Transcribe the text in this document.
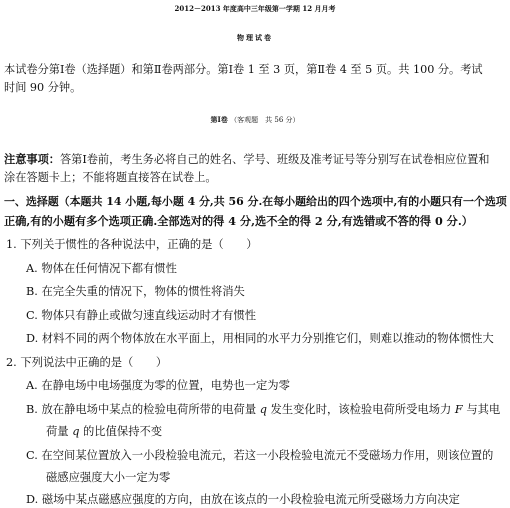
2012－2013 年度高中三年级第一学期 12 月月考
物理试卷
本试卷分第Ⅰ卷（选择题）和第Ⅱ卷两部分。第Ⅰ卷 1 至 3 页，第Ⅱ卷 4 至 5 页。共 100 分。考试
时间 90 分钟。
第Ⅰ卷 （客观题　共 56 分）
注意事项：答第Ⅰ卷前，考生务必将自己的姓名、学号、班级及准考证号等分别写在试卷相应位置和
涂在答题卡上；不能将题直接答在试卷上。
一、选择题（本题共 14 小题,每小题 4 分,共 56 分.在每小题给出的四个选项中,有的小题只有一个选项
正确,有的小题有多个选项正确.全部选对的得 4 分,选不全的得 2 分,有选错或不答的得 0 分.）
1. 下列关于惯性的各种说法中，正确的是（　　）
A. 物体在任何情况下都有惯性
B. 在完全失重的情况下，物体的惯性将消失
C. 物体只有静止或做匀速直线运动时才有惯性
D. 材料不同的两个物体放在水平面上，用相同的水平力分别推它们，则难以推动的物体惯性大
2. 下列说法中正确的是（　　）
A. 在静电场中电场强度为零的位置，电势也一定为零
B. 放在静电场中某点的检验电荷所带的电荷量 q 发生变化时，该检验电荷所受电场力 F 与其电
荷量 q 的比值保持不变
C. 在空间某位置放入一小段检验电流元，若这一小段检验电流元不受磁场力作用，则该位置的
磁感应强度大小一定为零
D. 磁场中某点磁感应强度的方向，由放在该点的一小段检验电流元所受磁场力方向决定
